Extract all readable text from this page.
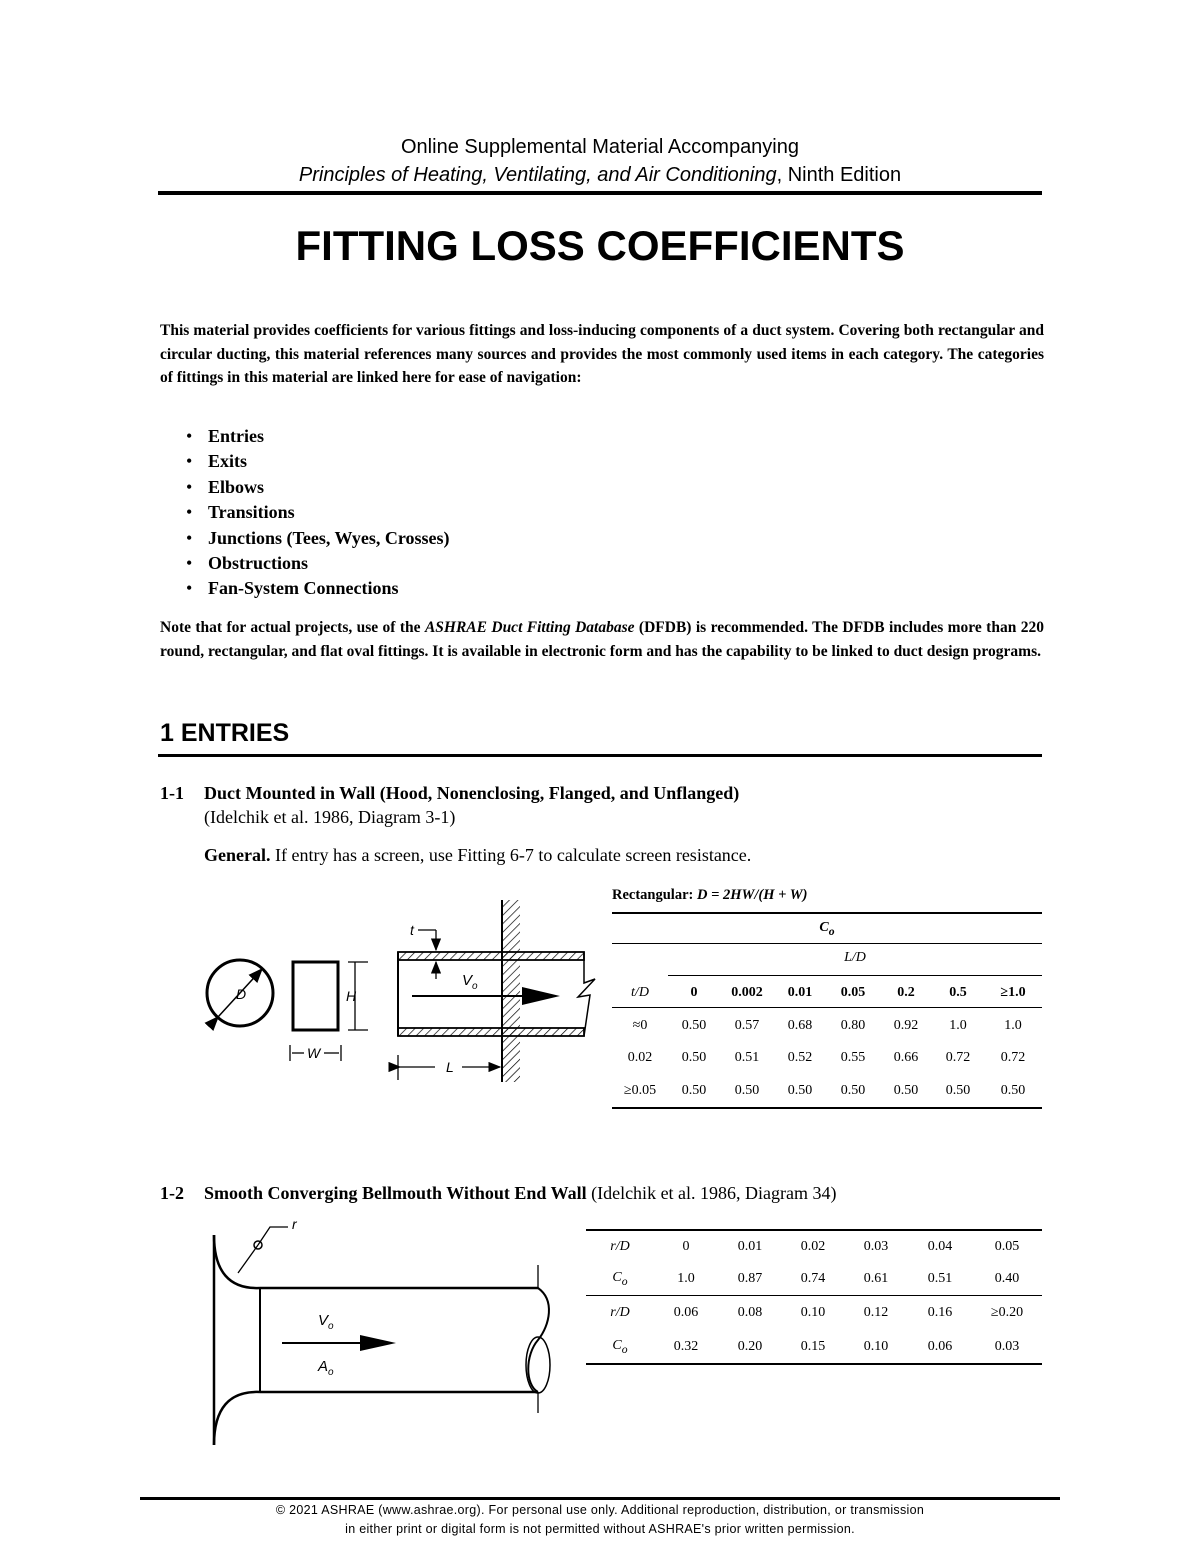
Online Supplemental Material Accompanying
Principles of Heating, Ventilating, and Air Conditioning, Ninth Edition
FITTING LOSS COEFFICIENTS

This material provides coefficients for various fittings and loss-inducing components of a duct system. Covering both rectangular and circular ducting, this material references many sources and provides the most commonly used items in each category. The categories of fittings in this material are linked here for ease of navigation:

• Entries
• Exits
• Elbows
• Transitions
• Junctions (Tees, Wyes, Crosses)
• Obstructions
• Fan-System Connections

Note that for actual projects, use of the ASHRAE Duct Fitting Database (DFDB) is recommended. The DFDB includes more than 220 round, rectangular, and flat oval fittings. It is available in electronic form and has the capability to be linked to duct design programs.

1 ENTRIES
1-1 Duct Mounted in Wall (Hood, Nonenclosing, Flanged, and Unflanged)
(Idelchik et al. 1986, Diagram 3-1)
General. If entry has a screen, use Fitting 6-7 to calculate screen resistance.
D	H
W
t
$V_o$
L
Rectangular: D = 2HW/(H + W)
$C_o$
L/D
t/D	0	0.002	0.01	0.05	0.2	0.5	≥1.0

≈0	0.50	0.57	0.68	0.80	0.92	1.0	1.0
0.02	0.50	0.51	0.52	0.55	0.66	0.72	0.72
≥0.05	0.50	0.50	0.50	0.50	0.50	0.50	0.50
1-2 Smooth Converging Bellmouth Without End Wall (Idelchik et al. 1986, Diagram 34)
r
$V_o$
$A_o$
r/D	0	0.01	0.02	0.03	0.04	0.05
$C_o$	1.0	0.87	0.74	0.61	0.51	0.40
r/D	0.06	0.08	0.10	0.12	0.16	≥0.20
$C_o$	0.32	0.20	0.15	0.10	0.06	0.03
© 2021 ASHRAE (www.ashrae.org). For personal use only. Additional reproduction, distribution, or transmission
in either print or digital form is not permitted without ASHRAE's prior written permission.
